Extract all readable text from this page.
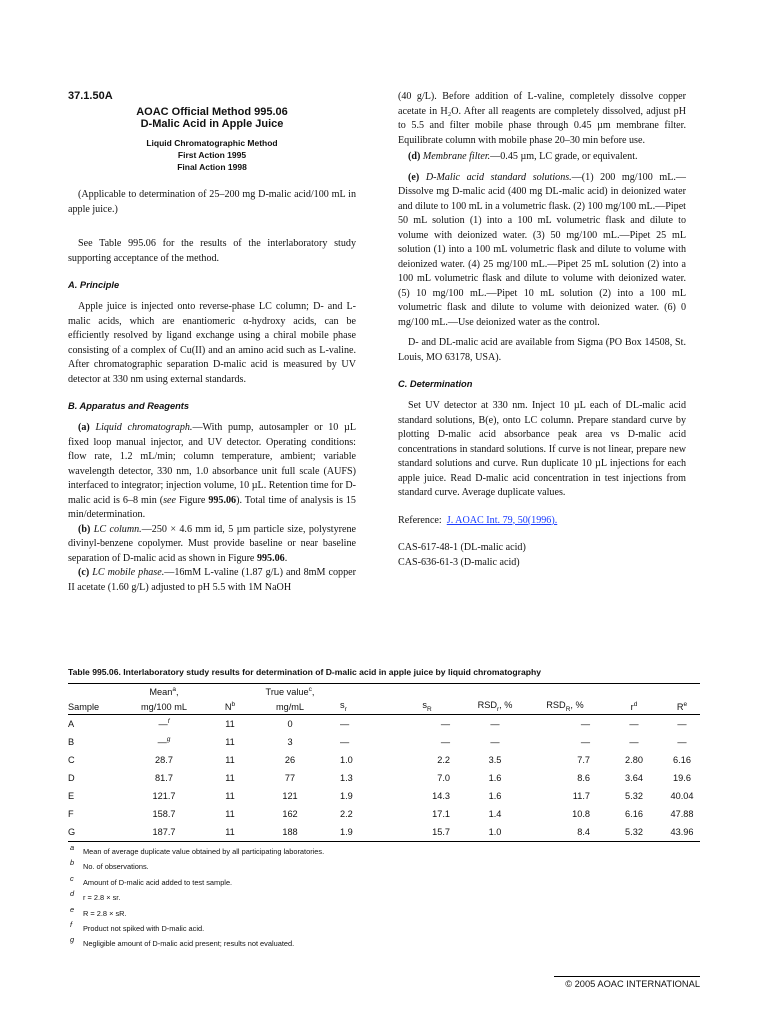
37.1.50A
AOAC Official Method 995.06
D-Malic Acid in Apple Juice
Liquid Chromatographic Method
First Action 1995
Final Action 1998

(Applicable to determination of 25–200 mg D-malic acid/100 mL in apple juice.)

See Table 995.06 for the results of the interlaboratory study supporting acceptance of the method.

A. Principle

Apple juice is injected onto reverse-phase LC column; D- and L-malic acids, which are enantiomeric α-hydroxy acids, can be efficiently resolved by ligand exchange using a chiral mobile phase consisting of a complex of Cu(II) and an amino acid such as L-valine. After chromatographic separation D-malic acid is measured by UV detector at 330 nm using external standards.

B. Apparatus and Reagents

(a) Liquid chromatograph.—With pump, autosampler or 10 µL fixed loop manual injector, and UV detector. Operating conditions: flow rate, 1.2 mL/min; column temperature, ambient; variable wavelength detector, 330 nm, 1.0 absorbance unit full scale (AUFS) interfaced to integrator; injection volume, 10 µL. Retention time for D-malic acid is 6–8 min (see Figure 995.06). Total time of analysis is 15 min/determination.

(b) LC column.—250 × 4.6 mm id, 5 µm particle size, polystyrene divinyl-benzene copolymer. Must provide baseline or near baseline separation of D-malic acid as shown in Figure 995.06.

(c) LC mobile phase.—16mM L-valine (1.87 g/L) and 8mM copper II acetate (1.60 g/L) adjusted to pH 5.5 with 1M NaOH

(40 g/L). Before addition of L-valine, completely dissolve copper acetate in H₂O. After all reagents are completely dissolved, adjust pH to 5.5 and filter mobile phase through 0.45 µm membrane filter. Equilibrate column with mobile phase 20–30 min before use.

(d) Membrane filter.—0.45 µm, LC grade, or equivalent.

(e) D-Malic acid standard solutions.—(1) 200 mg/100 mL.—Dissolve mg D-malic acid (400 mg DL-malic acid) in deionized water and dilute to 100 mL in a volumetric flask. (2) 100 mg/100 mL.—Pipet 50 mL solution (1) into a 100 mL volumetric flask and dilute to volume with deionized water. (3) 50 mg/100 mL.—Pipet 25 mL solution (1) into a 100 mL volumetric flask and dilute to volume with deionized water. (4) 25 mg/100 mL.—Pipet 25 mL solution (2) into a 100 mL volumetric flask and dilute to volume with deionized water. (5) 10 mg/100 mL.—Pipet 10 mL solution (2) into a 100 mL volumetric flask and dilute to volume with deionized water. (6) 0 mg/100 mL.—Use deionized water as the control.

D- and DL-malic acid are available from Sigma (PO Box 14508, St. Louis, MO 63178, USA).

C. Determination

Set UV detector at 330 nm. Inject 10 µL each of DL-malic acid standard solutions, B(e), onto LC column. Prepare standard curve by plotting D-malic acid absorbance peak area vs D-malic acid concentrations in standard solutions. If curve is not linear, prepare new standard solutions and curve. Run duplicate 10 µL injections for each apple juice. Read D-malic acid concentration in test injections from standard curve. Average duplicate values.

Reference: J. AOAC Int. 79, 50(1996).

CAS-617-48-1 (DL-malic acid)

CAS-636-61-3 (D-malic acid)

Table 995.06. Interlaboratory study results for determination of D-malic acid in apple juice by liquid chromatography
	Mean$^a$,		True value$^c$,						
Sample	mg/100 mL	$N^b$	mg/mL	$s_r$	$s_R$	$RSD_r$, %	$RSD_R$, %	$r^d$	$R^e$
A	—$^f$	11	0	—	—	—	—	—	—
B	—$^g$	11	3	—	—	—	—	—	—
C	28.7	11	26	1.0	2.2	3.5	7.7	2.80	6.16
D	81.7	11	77	1.3	7.0	1.6	8.6	3.64	19.6
E	121.7	11	121	1.9	14.3	1.6	11.7	5.32	40.04
F	158.7	11	162	2.2	17.1	1.4	10.8	6.16	47.88
G	187.7	11	188	1.9	15.7	1.0	8.4	5.32	43.96

a Mean of average duplicate value obtained by all participating laboratories.

b No. of observations.

c Amount of D-malic acid added to test sample.

d r = 2.8 × sr.

e R = 2.8 × sR.

f Product not spiked with D-malic acid.

g Negligible amount of D-malic acid present; results not evaluated.

© 2005 AOAC INTERNATIONAL
